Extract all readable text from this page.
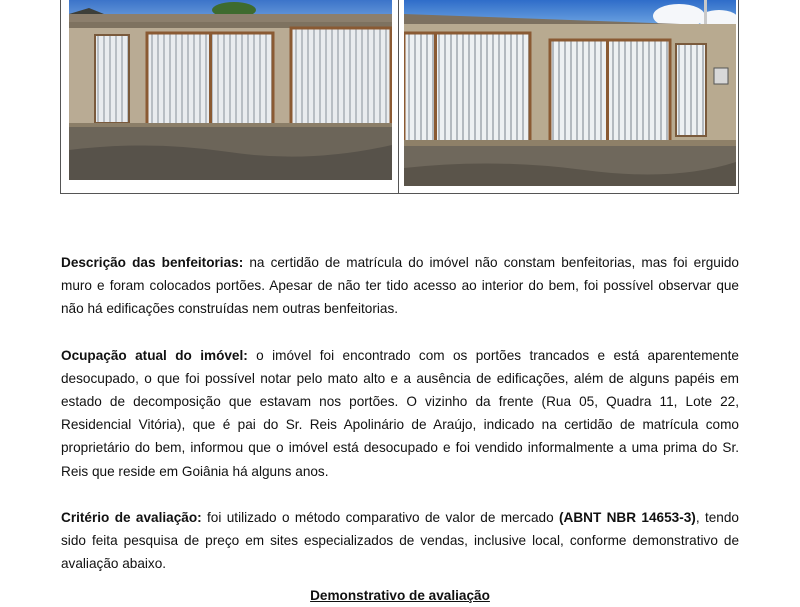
Descrição das benfeitorias: na certidão de matrícula do imóvel não constam benfeitorias, mas foi erguido muro e foram colocados portões. Apesar de não ter tido acesso ao interior do bem, foi possível observar que não há edificações construídas nem outras benfeitorias.

Ocupação atual do imóvel: o imóvel foi encontrado com os portões trancados e está aparentemente desocupado, o que foi possível notar pelo mato alto e a ausência de edificações, além de alguns papéis em estado de decomposição que estavam nos portões. O vizinho da frente (Rua 05, Quadra 11, Lote 22, Residencial Vitória), que é pai do Sr. Reis Apolinário de Araújo, indicado na certidão de matrícula como proprietário do bem, informou que o imóvel está desocupado e foi vendido informalmente a uma prima do Sr. Reis que reside em Goiânia há alguns anos.

Critério de avaliação: foi utilizado o método comparativo de valor de mercado (ABNT NBR 14653-3), tendo sido feita pesquisa de preço em sites especializados de vendas, inclusive local, conforme demonstrativo de avaliação abaixo.

Demonstrativo de avaliação
